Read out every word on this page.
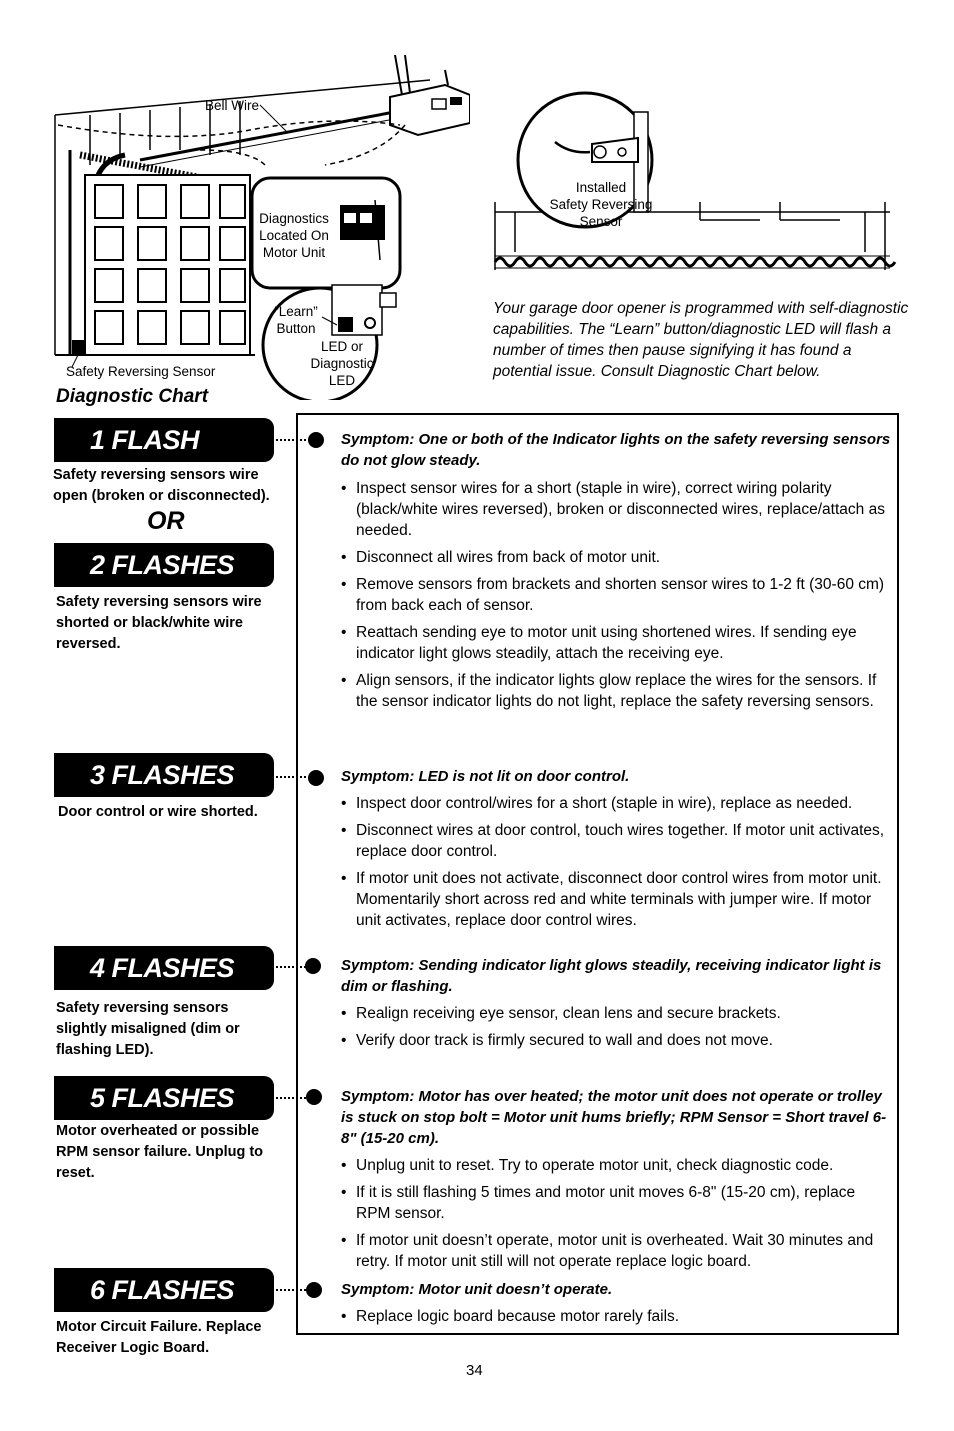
Bell Wire
Diagnostics
Located On
Motor Unit
“Learn”
Button
LED or
Diagnostic
LED
Safety Reversing Sensor
Installed
Safety Reversing
Sensor
Your garage door opener is programmed with self-diagnostic capabilities. The “Learn” button/diagnostic LED will flash a number of times then pause signifying it has found a potential issue. Consult Diagnostic Chart below.
Diagnostic Chart
1 FLASH
Safety reversing sensors wire open (broken or disconnected).
OR
2 FLASHES
Safety reversing sensors wire shorted or black/white wire reversed.
3 FLASHES
Door control or wire shorted.
4 FLASHES
Safety reversing sensors slightly misaligned (dim or flashing LED).
5 FLASHES
Motor overheated or possible RPM sensor failure. Unplug to reset.
6 FLASHES
Motor Circuit Failure. Replace Receiver Logic Board.
Symptom: One or both of the Indicator lights on the safety reversing sensors do not glow steady.
• Inspect sensor wires for a short (staple in wire), correct wiring polarity (black/white wires reversed), broken or disconnected wires, replace/attach as needed.
• Disconnect all wires from back of motor unit.
• Remove sensors from brackets and shorten sensor wires to 1-2 ft (30-60 cm) from back each of sensor.
• Reattach sending eye to motor unit using shortened wires. If sending eye indicator light glows steadily, attach the receiving eye.
• Align sensors, if the indicator lights glow replace the wires for the sensors. If the sensor indicator lights do not light, replace the safety reversing sensors.
Symptom: LED is not lit on door control.
• Inspect door control/wires for a short (staple in wire), replace as needed.
• Disconnect wires at door control, touch wires together. If motor unit activates, replace door control.
• If motor unit does not activate, disconnect door control wires from motor unit. Momentarily short across red and white terminals with jumper wire. If motor unit activates, replace door control wires.
Symptom: Sending indicator light glows steadily, receiving indicator light is dim or flashing.
• Realign receiving eye sensor, clean lens and secure brackets.
• Verify door track is firmly secured to wall and does not move.
Symptom: Motor has over heated; the motor unit does not operate or trolley is stuck on stop bolt = Motor unit hums briefly; RPM Sensor = Short travel 6-8" (15-20 cm).
• Unplug unit to reset. Try to operate motor unit, check diagnostic code.
• If it is still flashing 5 times and motor unit moves 6-8" (15-20 cm), replace RPM sensor.
• If motor unit doesn’t operate, motor unit is overheated. Wait 30 minutes and retry. If motor unit still will not operate replace logic board.
Symptom: Motor unit doesn’t operate.
• Replace logic board because motor rarely fails.
34
